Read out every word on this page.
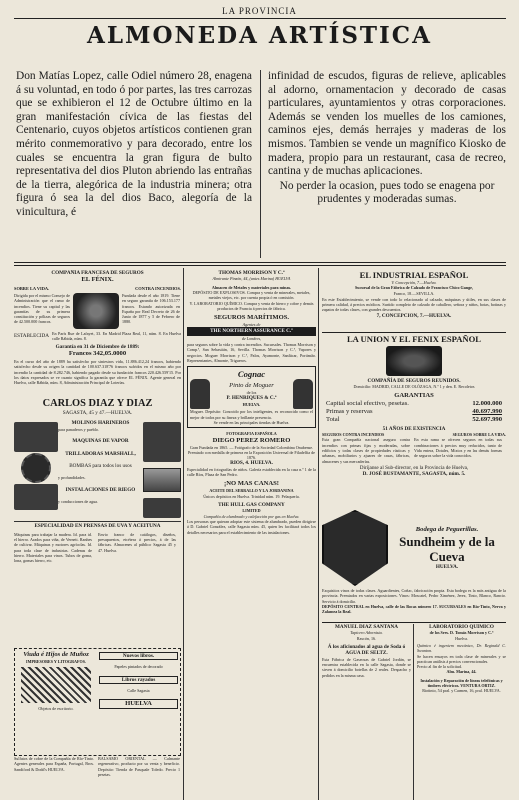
LA PROVINCIA
ALMONEDA ARTÍSTICA
Don Matías Lopez, calle Odiel número 28, enagena á su voluntad, en todo ó por partes, las tres carrozas que se exhibieron el 12 de Octubre último en la gran manifestación cívica de las fiestas del Centenario, cuyos objetos artísticos contienen gran mérito conmemorativo y para decorado, entre los cuales se encuentra la gran figura de bulto representativa del dios Pluton abriendo las entrañas de la tierra, alegórica de la industria minera; otra figura ó sea la del dios Baco, alegoría de la vinicultura, é
infinidad de escudos, figuras de relieve, aplicables al adorno, ornamentacion y decorado de casas particulares, ayuntamientos y otras corporaciones. Además se venden los muelles de los camiones, caminos ejes, demás herrajes y maderas de los mismos. Tambien se vende un magnífico Kiosko de madera, propio para un restaurant, casa de recreo, cantina y de muchas aplicaciones.
No perder la ocasion, pues todo se enagena por prudentes y moderadas sumas.
COMPAÑÍA FRANCESA DE SEGUROS
EL FÉNIX.
SOBRE LA VIDA.	CONTRA INCENDIOS.
Dirigida por el mismo Consejo de Administración que el ramo de incendios. Tiene su capital y las garantías de su primera constitución y pólizas de seguros de 42.500.000 francos.
Fundada desde el año 1819. Tiene en seguro garantía de 106.153.177 francos. Estando autorizada en España por Real Decreto de 26 de Junio de 1877 y 5 de Febrero de 1880.
ESTABLECIDA En París Rue de Lafayet, 33. En Madrid Plaza Real, 11, núm. 8. En Huelva calle Rábida, núm. 8.
Garantía en 31 de Diciembre de 1889:
Francos 342,05.0000
En el curso del año de 1889 ha satisfecho por siniestros vida, 11.886.412,24 francos, habiendo satisfecho desde su origen la cantidad de 100.637.318'76 francos sufridos en el mismo año por incendio la cantidad de 8.282.746, habiendo pagado desde su fundación francos 220.426.559'15. Por los datos expresados se ve cuanto significa la garantía que ofrece EL FÉNIX. Agente general en Huelva, calle Rábida, núm. 8, Administración Principal de Loterías.
CARLOS DIAZ Y DIAZ
SAGASTA, 45 y 47.—HUELVA.
MOLINOS HARINEROS
para panaderos y pueblo.
MAQUINAS DE VAPOR
TRILLADORAS MARSHALL,
BOMBAS para todos los usos
y profundidades.
INSTALACIONES DE RIEGO
y conducciones de agua.
ESPECIALIDAD EN PRENSAS DE UVA Y ACEITUNA
Máquinas para trabajar la madera. Id. para id. el hierro. Arados para viña, de Vernett. Ranhes de cultivar. Máquinas y motores agrícolas. Id. para toda clase de industrias. Cadenas de hierro. Materiales para vinos. Tubos de goma, lona, gomas hierro, etc.
Envio franco de catálogos, diseños, presupuestos, etcétera á precios, á de las fábricas. Almacenes al público Sagasta 45 y 47. Huelva.
Viuda é Hijos de Muñoz
IMPRESORES Y LITOGRAFOS.
Objetos de escritorio.
Nuevos libros.
Papeles pintados de decorado
Libros rayados
Calle Sagasta
HUELVA
Sulfatos de cobre de la Compañía de Río-Tinto. Agentes generales para España, Portugal, Bros. Sandiford & Dodd's HUELVA.
BALSAMO ORIENTAL — Calmante regenerativo, producto por su venta y beneficio. Depósito: Tienda de Pasquale Toledo. Precio 1 pesetas.
THOMAS MORRISON Y C.ª
Almirante Pinzón, 44, (antes Marina) HUELVA
Almacen de Metales y materiales para minas.
DEPÓSITO DE EXPLOSIVOS. Compra y venta de minerales, metales, metales viejos, etc. por cuenta propia ó en comisión.
Y. LABORATORIO QUÍMICO. Compra y venta de hierro y cobre y demás productos de Francia á precios de fábrica.
SEGUROS MARÍTIMOS.
Agentes de
THE NORTHERN ASSURANCE C.º
de Londres,
para seguros sobre la vida y contra incendios. Sucursales. Thomas Morrison y Comp.ª, San Sebastián, 16, Sevilla. Thomas Morrison y C.ª, Vapores y negocios. Moguer Morrison y C.ª, Palos, Ayamonte, Sanlúcar, Portimão. Representantes, Almonte, Trigueros.
Cognac
Pinto de Moguer
de los
P. HENRIQUES & C.ª
HUELVA.
Moguer. Depósito: Conocido por los inteligentes, es reconocido como el mejor de todos por su fineza y brillante presencia.
Se vende en las principales tiendas de Huelva.
FOTOGRAFIA ESPAÑOLA
DIEGO PEREZ ROMERO
Gran Fundada en 1865. — Fotógrafo de la Sociedad Colombina Onubense. Premiado con medalla de primera en la Exposición Universal de Filadelfia de 1876.
RIOS, 4. HUELVA.
Especialidad en fotografías de niños. Galería establecida en la casa n.º 1 de la calle Ríos, Plaza de San Pedro.
¡NO MAS CANAS!
ACEITE DEL SERRALLO Y LA JORDANINA
Únicos depósitos en Huelva. Trinidad núm. 19. Pelaquería.
THE HULL GAS COMPANY
LIMITED
Compañía de alumbrado y calefacción por gas en Huelva.
Los personas que quieran adoptar este sistema de alumbrado, pueden dirigirse á D. Gabriel González, calle Sagasta núm. 45, quien les facilitará todos los detalles necesarios para el establecimiento de las instalaciones.
EL INDUSTRIAL ESPAÑOL
V. Concepción, 7.—Huelva.
Sucursal de la Gran Fábrica de Calzado de Francisco Chico Gange,
Franco, 18.—SEVILLA.
En este Establecimiento, se vende con todo lo relacionado al calzado, máquinas y útiles, en sus clases de primera calidad, á precios módicos. Surtido completo de calzado de caballero, señora y niños, botas, botinas y zapatos de todas clases, con grandes descuentos.
7, CONCEPCION, 7.—HUELVA.
LA UNION Y EL FENIX ESPAÑOL
COMPAÑÍA DE SEGUROS REUNIDOS.
Domicilio: MADRID, CALLE DE OLÓZAGA, N.º 1 y den. E. Recoletos
GARANTIAS
Capital social efectivo, pesetas.	12.000.000
Primas y reservas	40.697.990
Total	52.697.990
51 AÑOS DE EXISTENCIA
SEGUROS CONTRA INCENDIOS	SEGUROS SOBRE LA VIDA.
Esta gran Compañía nacional asegura contra incendios con primas fijas y moderadas, sobre edificios y todas clases de propiedades rústicas y urbanas, mobiliarios y ajuares de casas, fábricas, almacenes y sus mercaderías.
En esta rama se ofrecen seguros en todas sus combinaciones á precios muy reducidos, tanto de Vida entera, Dotales, Mixtos y en las demás formas de seguros sobre la vida conocidos.
Diríjanse al Sub-director, en la Provincia de Huelva,
D. JOSÉ BUSTAMANTE, SAGASTA, núm. 5.
Bodega de Peguerillas.
Sundheim y de la Cueva
HUELVA.
Exquisitos vinos de todas clases. Aguardientes, Coñac, fabricación propia. Esta bodega es la más antigua de la provincia. Premiados en varias exposiciones. Vinos: Moscatel, Pedro Ximénez, Jerez, Tinto, Blanco, Rancio. Servicio á domicilio.
DEPÓSITO CENTRAL en Huelva, calle de las Bocas número 17. SUCURSALES en Río-Tinto, Nerva y Zalamea la Real.
MANUEL DIAZ SANTANA
Tapicero Adornista.
Rascón, 16.
Á los aficionados al agua de Soda ó AGUA DE SELTZ.
Esta Fábrica de Gaseosas de Gabriel Jordán, se encuentra establecida en la calle Sagasta, donde se sirven á domicilio botellas de 2 reales. Despacho y pedidos en la misma casa.
LABORATORIO QUÍMICO
de los Sres. D. Tomás Morrison y C.ª
Huelva.
Químico é ingeniero mecánico, Dr. Reginald C. Swanton.
Se hacen ensayos en toda clase de minerales y se practican análisis á precios convencionales.
Precio al fin de la solicitud.
Alm. Marina, 44.
Instalación y Reparación de líneas telefónicas y timbres eléctricos. VENTURA ORTIZ.
Riotinto, 54 pral. y Carmen, 16, pral. HUELVA.
